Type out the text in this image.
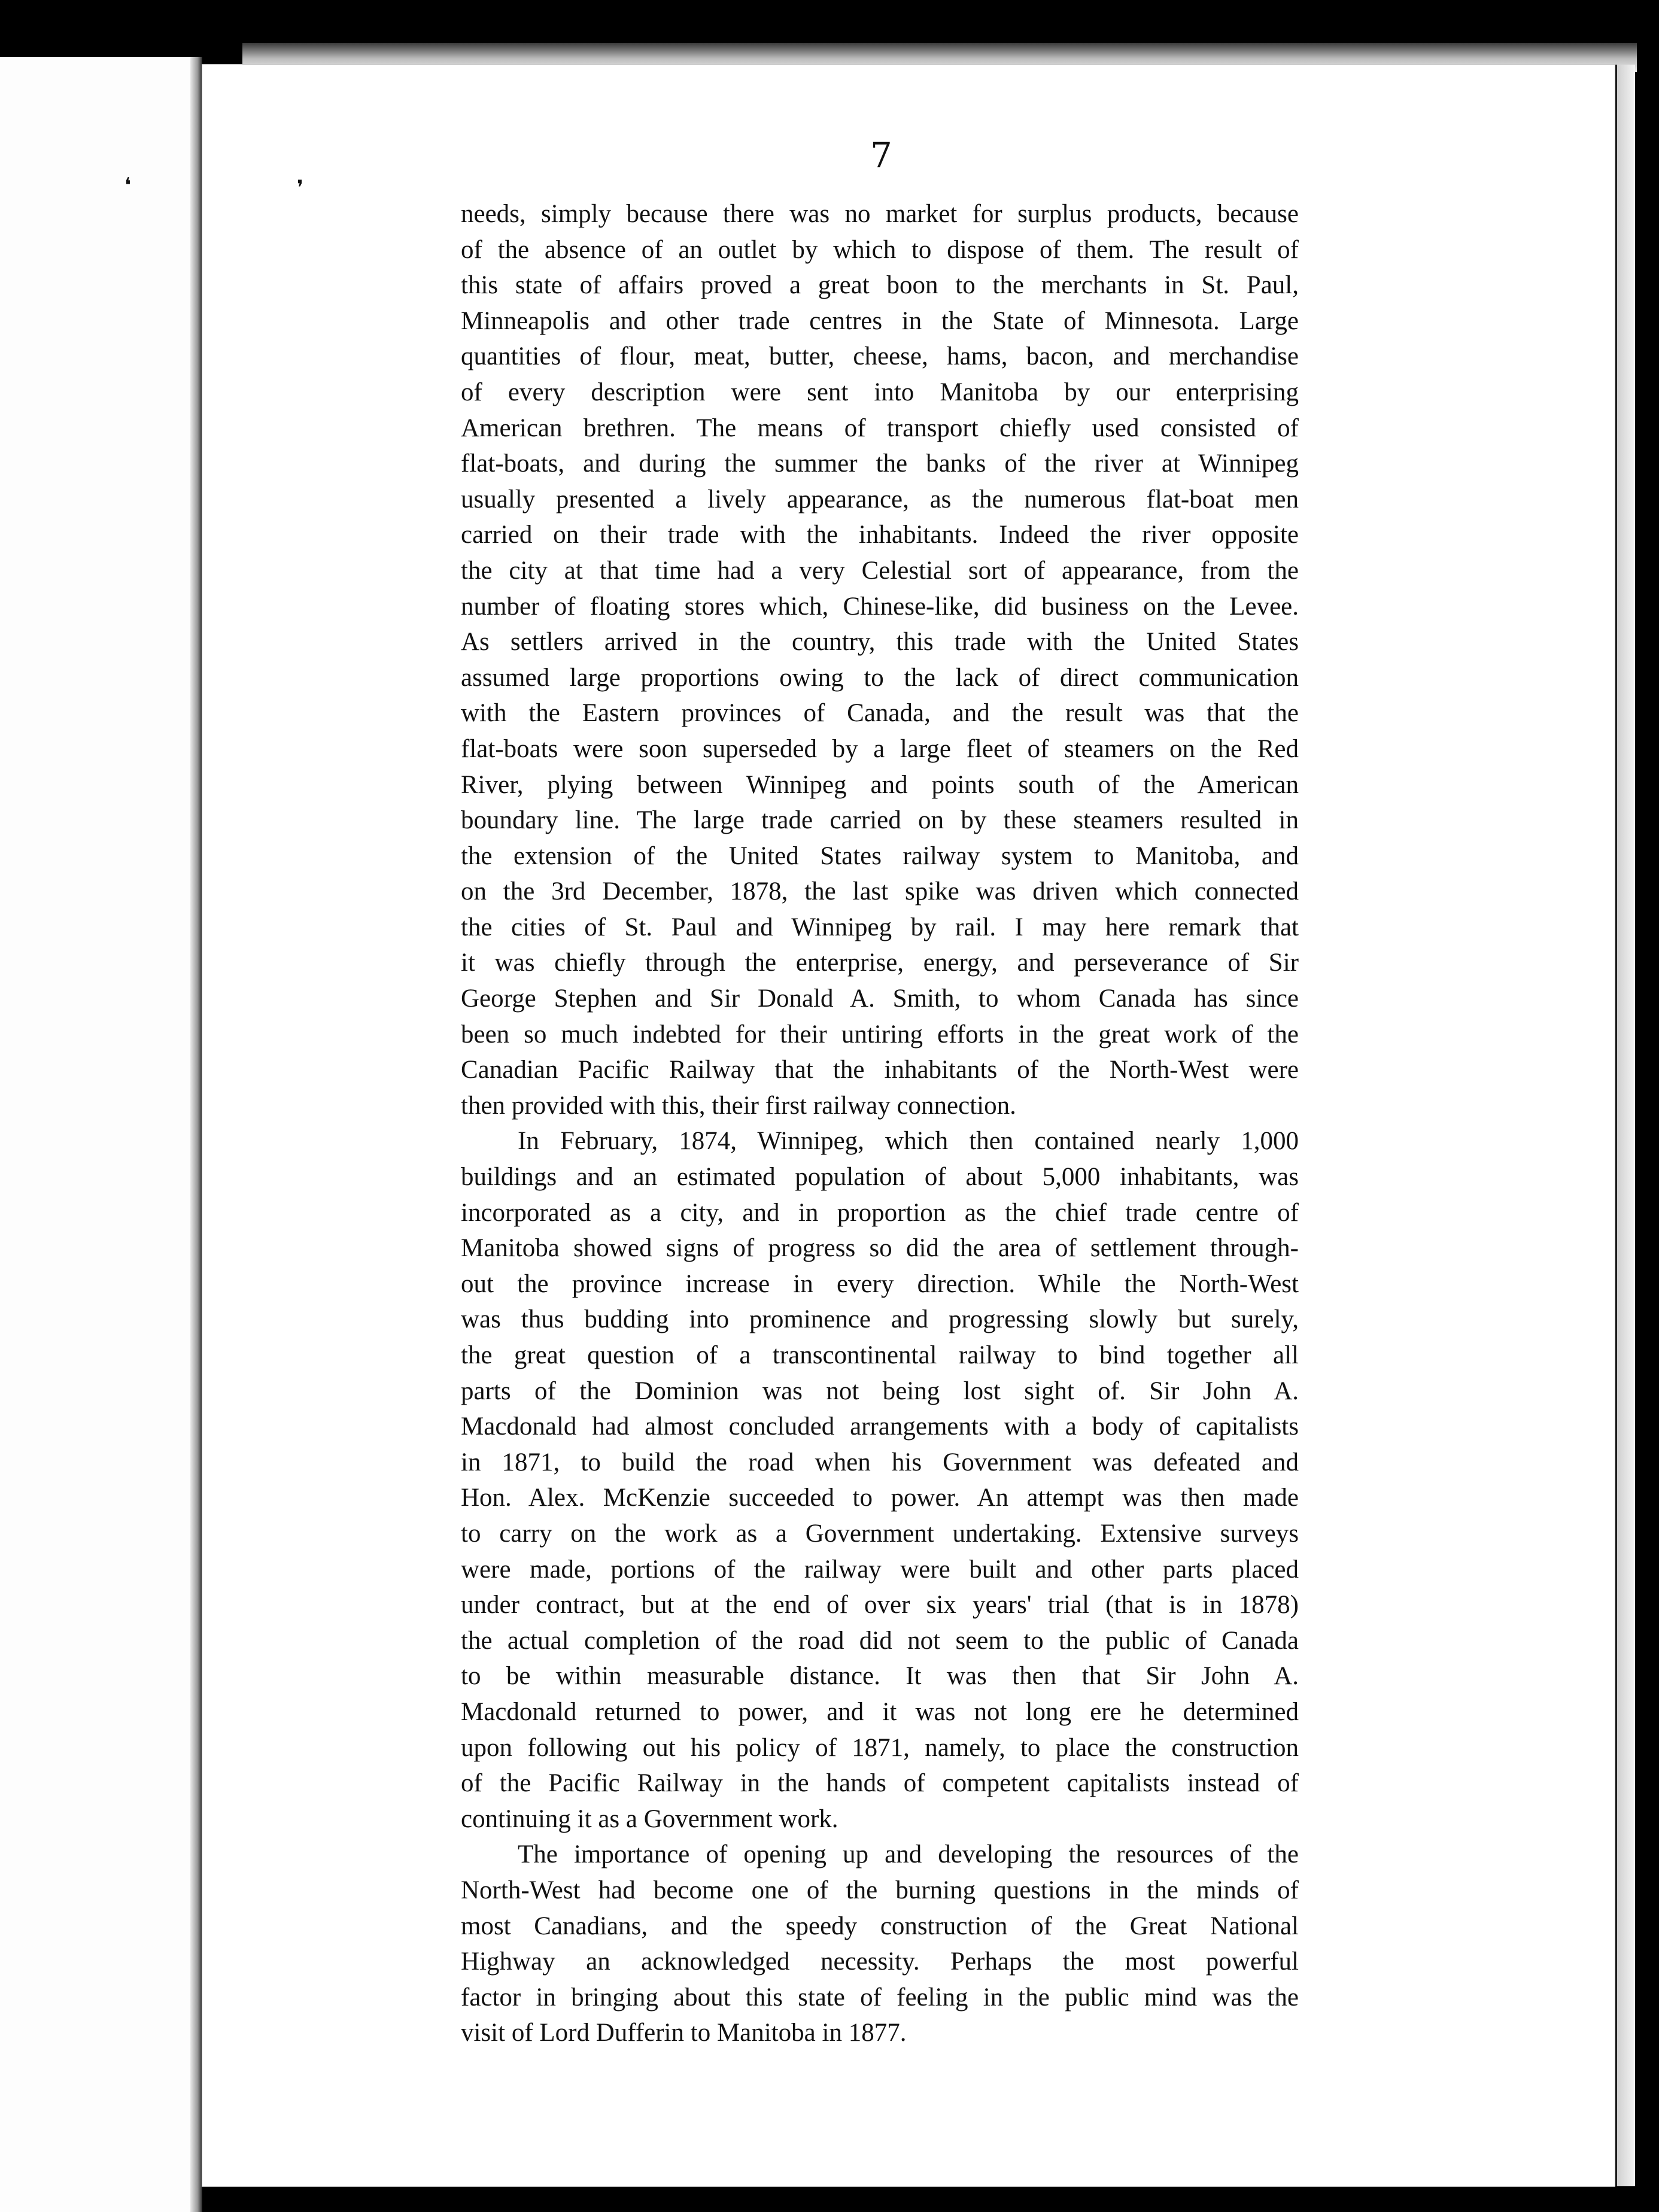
❛	❜
7
needs, simply because there was no market for surplus products, because
of the absence of an outlet by which to dispose of them. The result of
this state of affairs proved a great boon to the merchants in St. Paul,
Minneapolis and other trade centres in the State of Minnesota. Large
quantities of flour, meat, butter, cheese, hams, bacon, and merchandise
of every description were sent into Manitoba by our enterprising
American brethren. The means of transport chiefly used consisted of
flat-boats, and during the summer the banks of the river at Winnipeg
usually presented a lively appearance, as the numerous flat-boat men
carried on their trade with the inhabitants. Indeed the river opposite
the city at that time had a very Celestial sort of appearance, from the
number of floating stores which, Chinese-like, did business on the Levee.
As settlers arrived in the country, this trade with the United States
assumed large proportions owing to the lack of direct communication
with the Eastern provinces of Canada, and the result was that the
flat-boats were soon superseded by a large fleet of steamers on the Red
River, plying between Winnipeg and points south of the American
boundary line. The large trade carried on by these steamers resulted in
the extension of the United States railway system to Manitoba, and
on the 3rd December, 1878, the last spike was driven which connected
the cities of St. Paul and Winnipeg by rail. I may here remark that
it was chiefly through the enterprise, energy, and perseverance of Sir
George Stephen and Sir Donald A. Smith, to whom Canada has since
been so much indebted for their untiring efforts in the great work of the
Canadian Pacific Railway that the inhabitants of the North-West were
then provided with this, their first railway connection.
In February, 1874, Winnipeg, which then contained nearly 1,000
buildings and an estimated population of about 5,000 inhabitants, was
incorporated as a city, and in proportion as the chief trade centre of
Manitoba showed signs of progress so did the area of settlement through-
out the province increase in every direction. While the North-West
was thus budding into prominence and progressing slowly but surely,
the great question of a transcontinental railway to bind together all
parts of the Dominion was not being lost sight of. Sir John A.
Macdonald had almost concluded arrangements with a body of capitalists
in 1871, to build the road when his Government was defeated and
Hon. Alex. McKenzie succeeded to power. An attempt was then made
to carry on the work as a Government undertaking. Extensive surveys
were made, portions of the railway were built and other parts placed
under contract, but at the end of over six years' trial (that is in 1878)
the actual completion of the road did not seem to the public of Canada
to be within measurable distance. It was then that Sir John A.
Macdonald returned to power, and it was not long ere he determined
upon following out his policy of 1871, namely, to place the construction
of the Pacific Railway in the hands of competent capitalists instead of
continuing it as a Government work.
The importance of opening up and developing the resources of the
North-West had become one of the burning questions in the minds of
most Canadians, and the speedy construction of the Great National
Highway an acknowledged necessity. Perhaps the most powerful
factor in bringing about this state of feeling in the public mind was the
visit of Lord Dufferin to Manitoba in 1877.
